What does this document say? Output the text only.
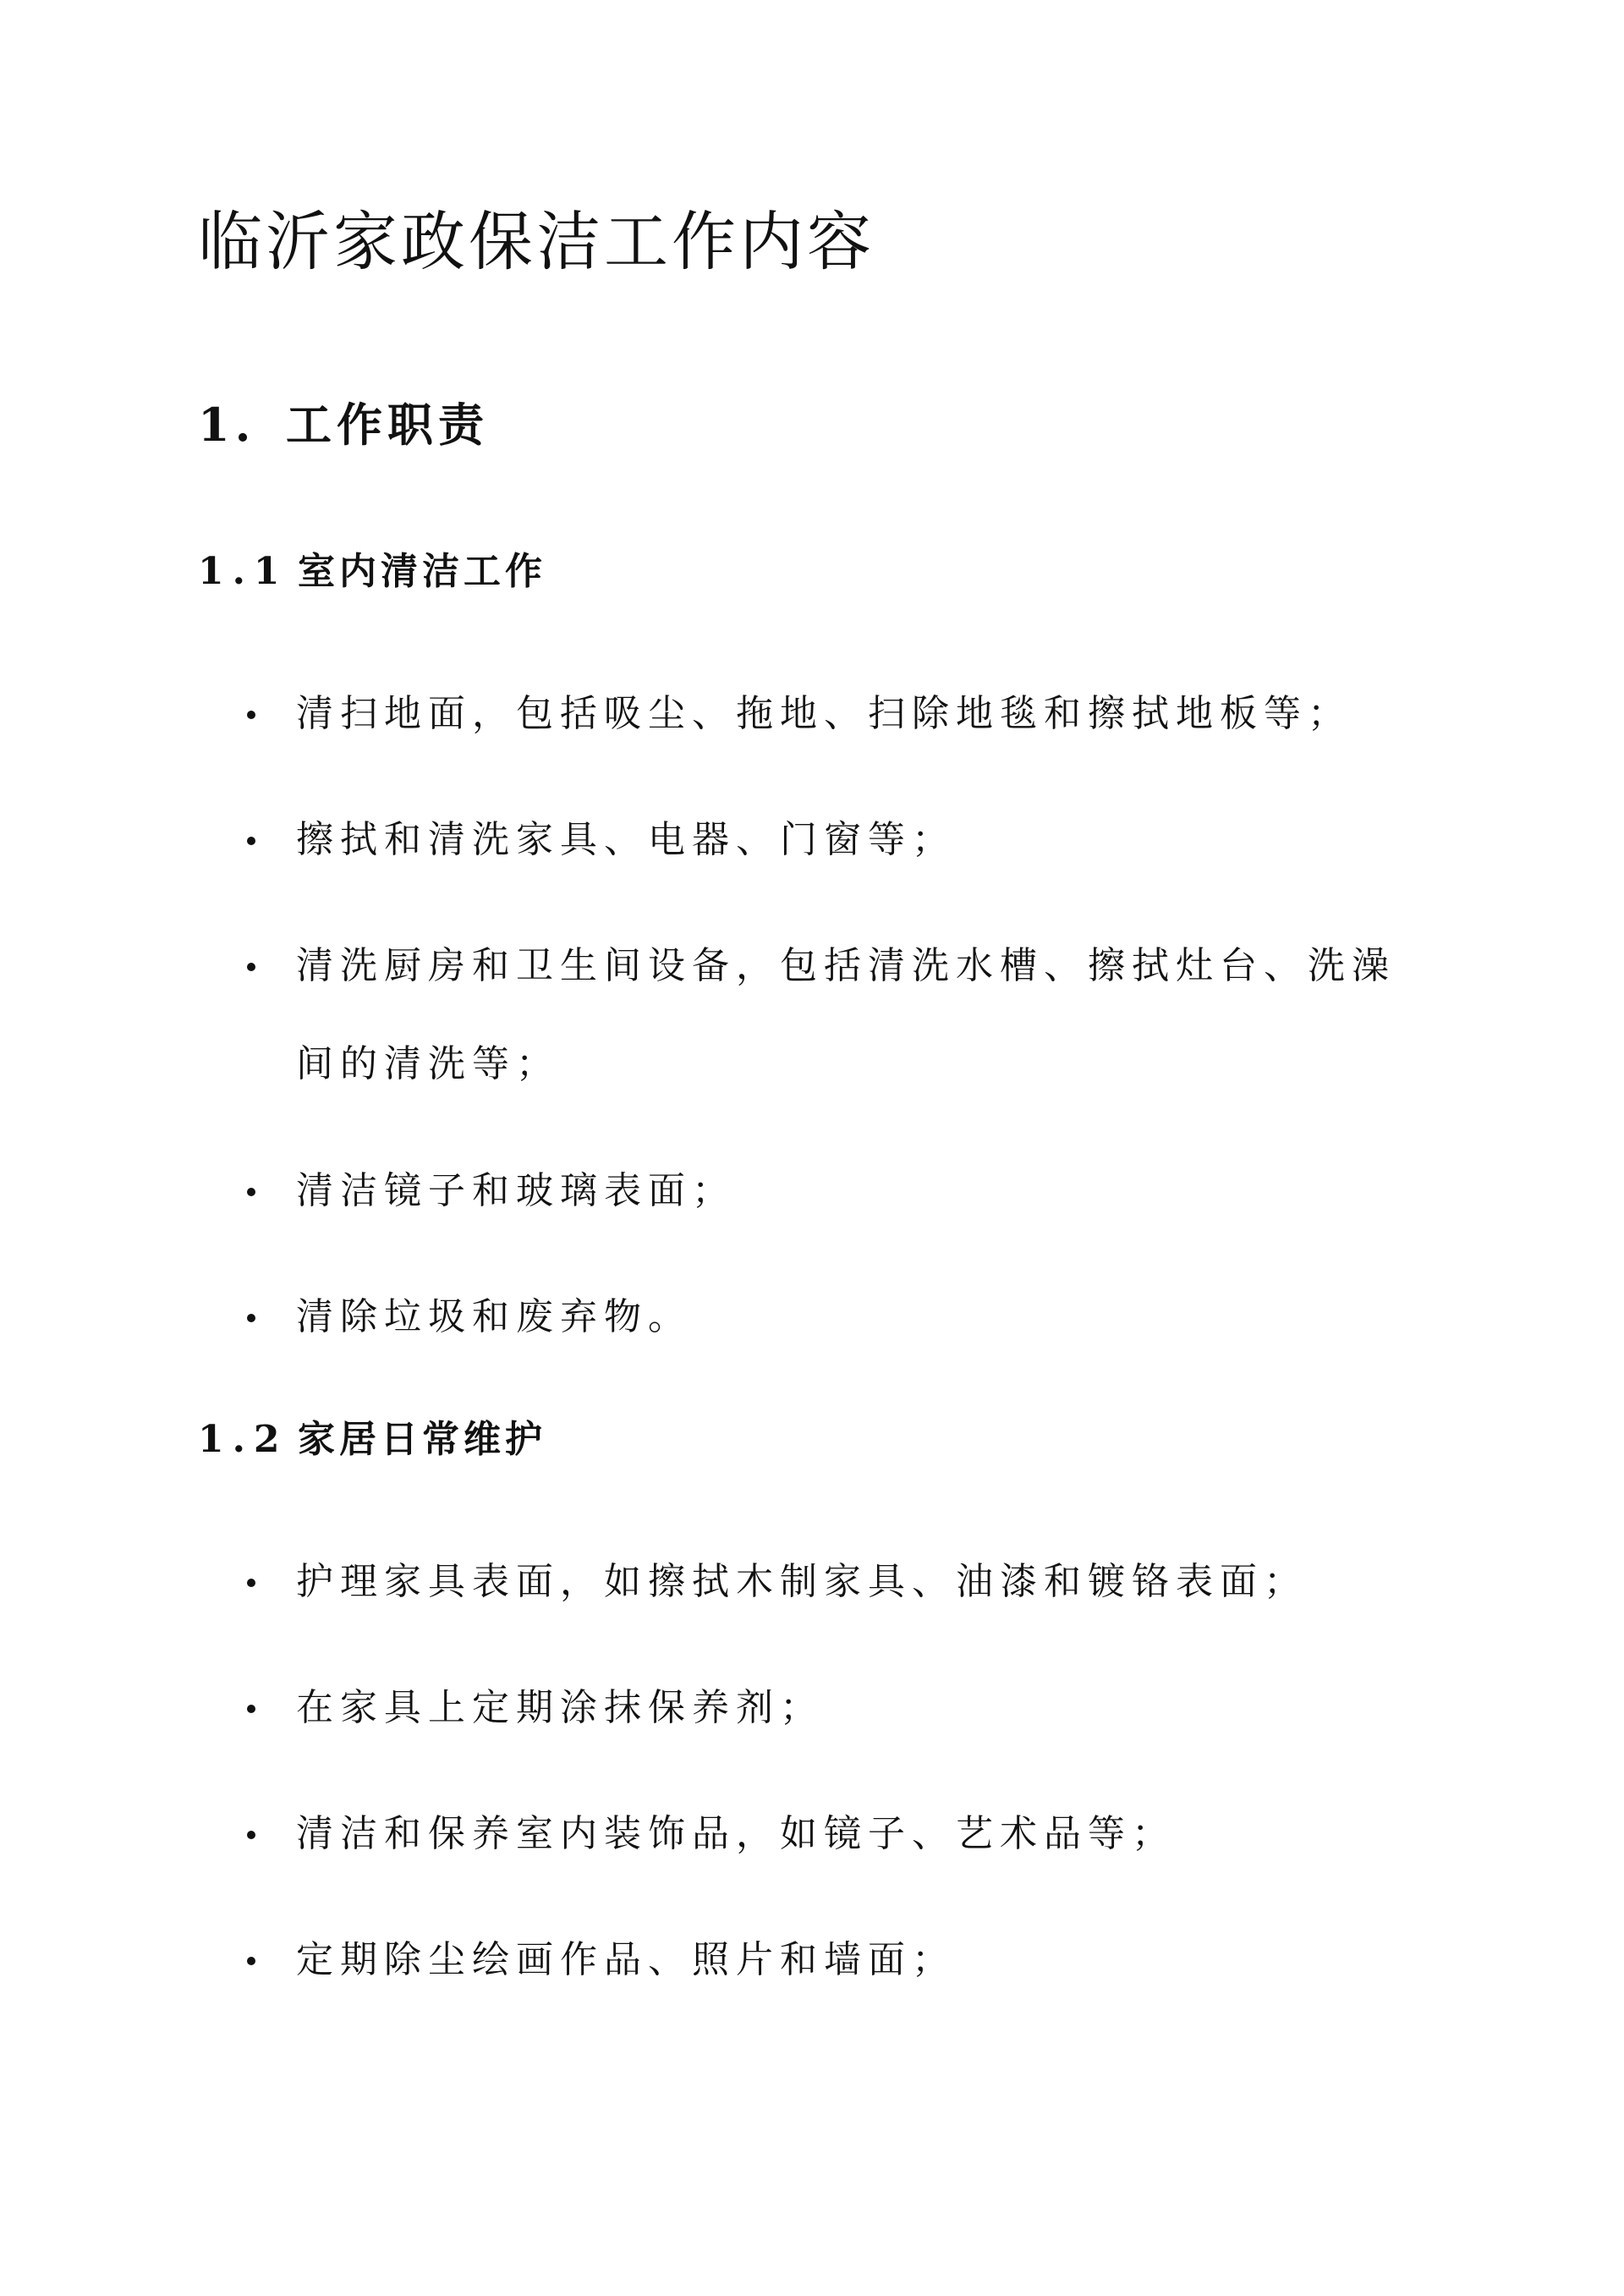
临沂家政保洁工作内容
1. 工作职责
1.1 室内清洁工作
清扫地面，包括吸尘、拖地、扫除地毯和擦拭地板等；
擦拭和清洗家具、电器、门窗等；
清洗厨房和卫生间设备，包括清洗水槽、擦拭灶台、洗澡间的清洗等；
清洁镜子和玻璃表面；
清除垃圾和废弃物。
1.2 家居日常维护
护理家具表面，如擦拭木制家具、油漆和镀铬表面；
在家具上定期涂抹保养剂；
清洁和保养室内装饰品，如镜子、艺术品等；
定期除尘绘画作品、照片和墙面；
